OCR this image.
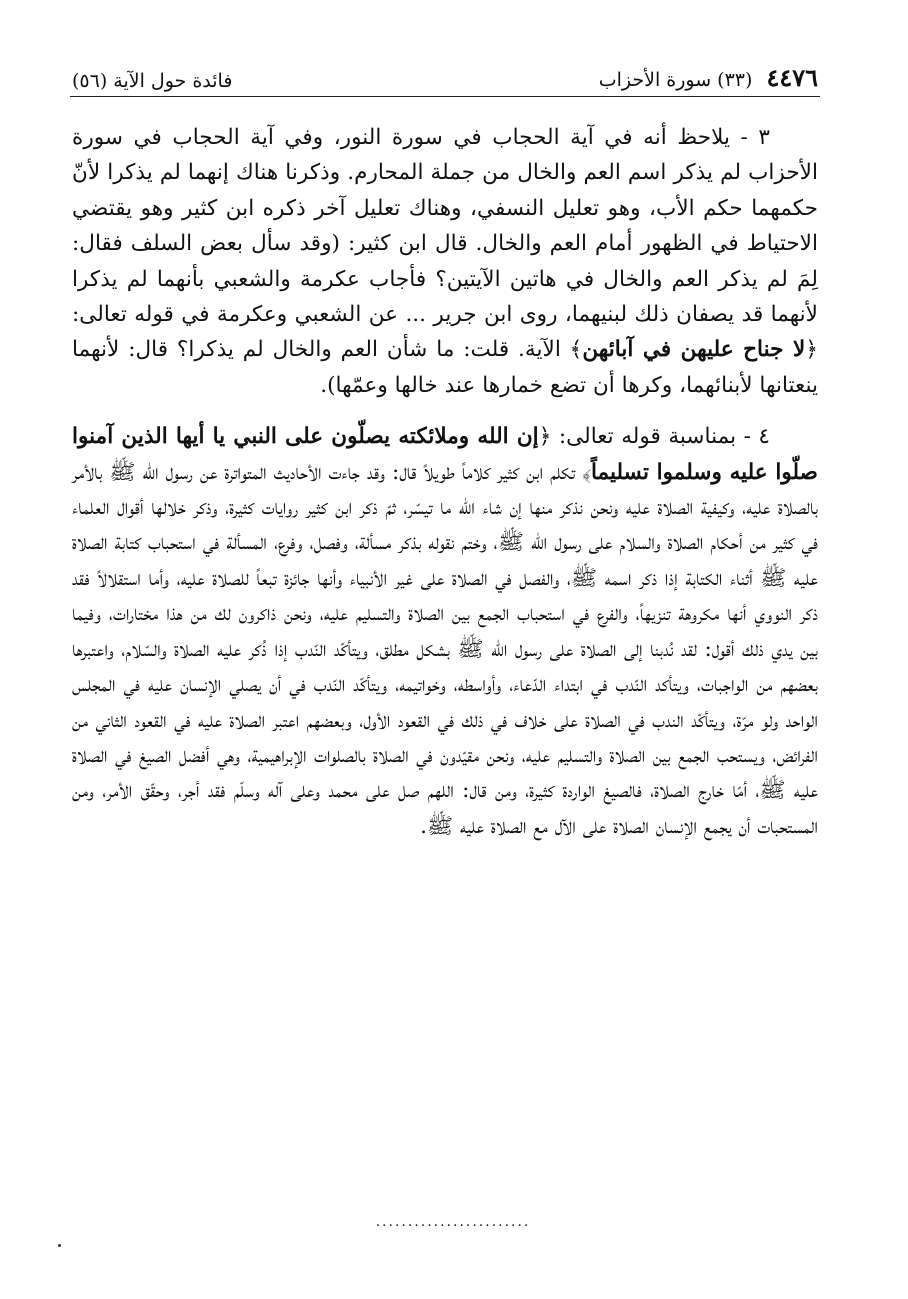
٤٤٧٦
(٣٣) سورة الأحزاب
فائدة حول الآية (٥٦)

٣ - يلاحظ أنه في آية الحجاب في سورة النور، وفي آية الحجاب في سورة الأحزاب لم يذكر اسم العم والخال من جملة المحارم. وذكرنا هناك إنهما لم يذكرا لأنّ حكمهما حكم الأب، وهو تعليل النسفي، وهناك تعليل آخر ذكره ابن كثير وهو يقتضي الاحتياط في الظهور أمام العم والخال. قال ابن كثير: (وقد سأل بعض السلف فقال: لِمَ لم يذكر العم والخال في هاتين الآيتين؟ فأجاب عكرمة والشعبي بأنهما لم يذكرا لأنهما قد يصفان ذلك لبنيهما، روى ابن جرير ... عن الشعبي وعكرمة في قوله تعالى: ﴿لا جناح عليهن في آبائهن﴾ الآية. قلت: ما شأن العم والخال لم يذكرا؟ قال: لأنهما ينعتانها لأبنائهما، وكرها أن تضع خمارها عند خالها وعمّها).

٤ - بمناسبة قوله تعالى: ﴿إن الله وملائكته يصلّون على النبي يا أيها الذين آمنوا صلّوا عليه وسلموا تسليماً﴾ تكلم ابن كثير كلاماً طويلاً قال: وقد جاءت الأحاديث المتواترة عن رسول الله ﷺ بالأمر بالصلاة عليه، وكيفية الصلاة عليه ونحن نذكر منها إن شاء الله ما تيسّر، ثمّ ذكر ابن كثير روايات كثيرة، وذكر خلالها أقوال العلماء في كثير من أحكام الصلاة والسلام على رسول الله ﷺ، وختم نقوله بذكر مسألة، وفصل، وفرع، المسألة في استحباب كتابة الصلاة عليه ﷺ أثناء الكتابة إذا ذكر اسمه ﷺ، والفصل في الصلاة على غير الأنبياء وأنها جائزة تبعاً للصلاة عليه، وأما استقلالاً فقد ذكر النووي أنها مكروهة تنزيهاً، والفرع في استحباب الجمع بين الصلاة والتسليم عليه، ونحن ذاكرون لك من هذا مختارات، وفيما بين يدي ذلك أقول: لقد نُدبنا إلى الصلاة على رسول الله ﷺ بشكل مطلق، ويتأكّد النّدب إذا ذُكر عليه الصلاة والسّلام، واعتبرها بعضهم من الواجبات، ويتأكد النّدب في ابتداء الدّعاء، وأواسطه، وخواتيمه، ويتأكّد النّدب في أن يصلي الإنسان عليه في المجلس الواحد ولو مرّة، ويتأكّد الندب في الصلاة على خلاف في ذلك في القعود الأول، وبعضهم اعتبر الصلاة عليه في القعود الثاني من الفرائض، ويستحب الجمع بين الصلاة والتسليم عليه، ونحن مقيّدون في الصلاة بالصلوات الإبراهيمية، وهي أفضل الصيغ في الصلاة عليه ﷺ، أمّا خارج الصلاة، فالصيغ الواردة كثيرة، ومن قال: اللهم صل على محمد وعلى آله وسلّم فقد أجر، وحقّق الأمر، ومن المستحبات أن يجمع الإنسان الصلاة على الآل مع الصلاة عليه ﷺ.

........................
